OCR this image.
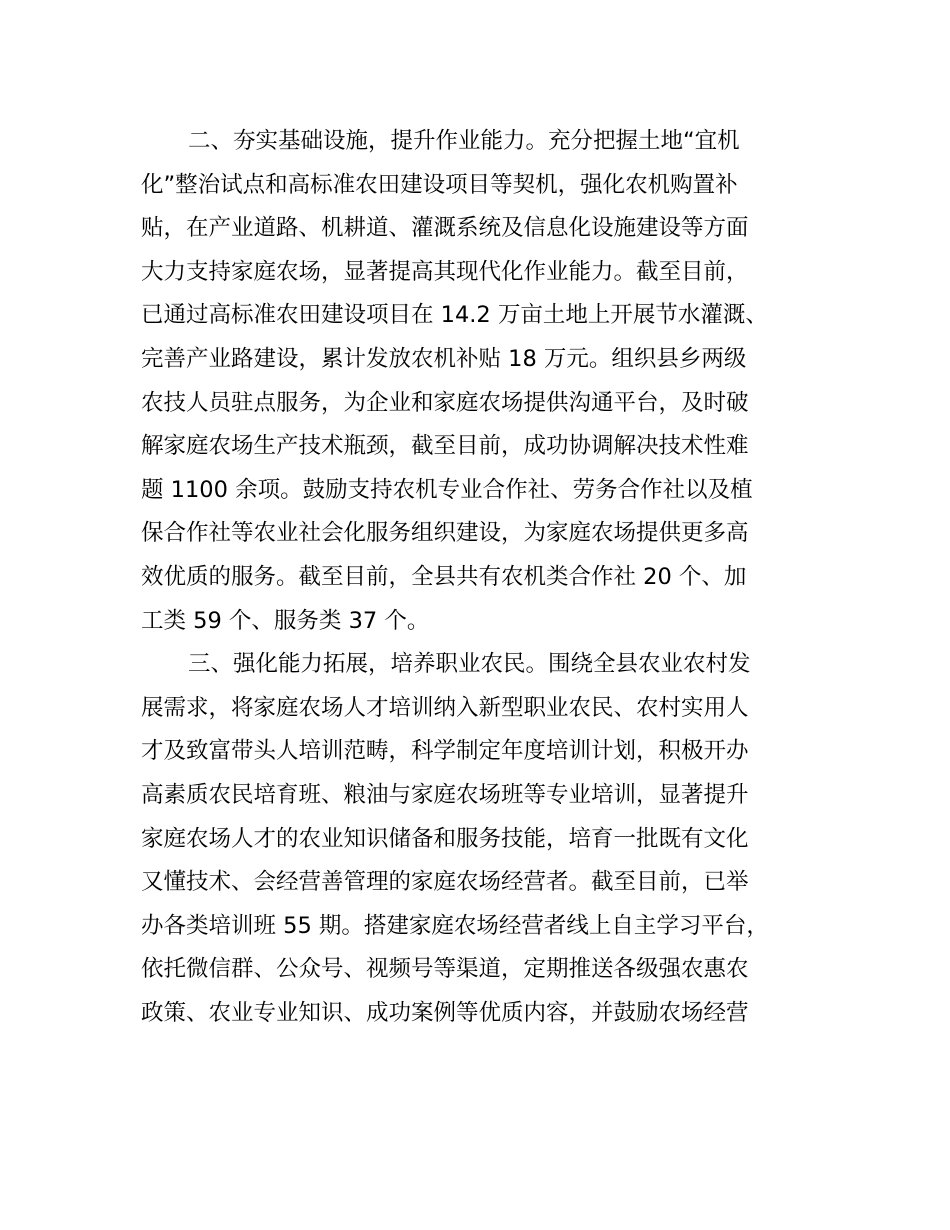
二、夯实基础设施，提升作业能力。充分把握土地“宜机
化”整治试点和高标准农田建设项目等契机，强化农机购置补
贴，在产业道路、机耕道、灌溉系统及信息化设施建设等方面
大力支持家庭农场，显著提高其现代化作业能力。截至目前，
已通过高标准农田建设项目在 14.2 万亩土地上开展节水灌溉、
完善产业路建设，累计发放农机补贴 18 万元。组织县乡两级
农技人员驻点服务，为企业和家庭农场提供沟通平台，及时破
解家庭农场生产技术瓶颈，截至目前，成功协调解决技术性难
题 1100 余项。鼓励支持农机专业合作社、劳务合作社以及植
保合作社等农业社会化服务组织建设，为家庭农场提供更多高
效优质的服务。截至目前，全县共有农机类合作社 20 个、加
工类 59 个、服务类 37 个。

三、强化能力拓展，培养职业农民。围绕全县农业农村发
展需求，将家庭农场人才培训纳入新型职业农民、农村实用人
才及致富带头人培训范畴，科学制定年度培训计划，积极开办
高素质农民培育班、粮油与家庭农场班等专业培训，显著提升
家庭农场人才的农业知识储备和服务技能，培育一批既有文化
又懂技术、会经营善管理的家庭农场经营者。截至目前，已举
办各类培训班 55 期。搭建家庭农场经营者线上自主学习平台，
依托微信群、公众号、视频号等渠道，定期推送各级强农惠农
政策、农业专业知识、成功案例等优质内容，并鼓励农场经营
